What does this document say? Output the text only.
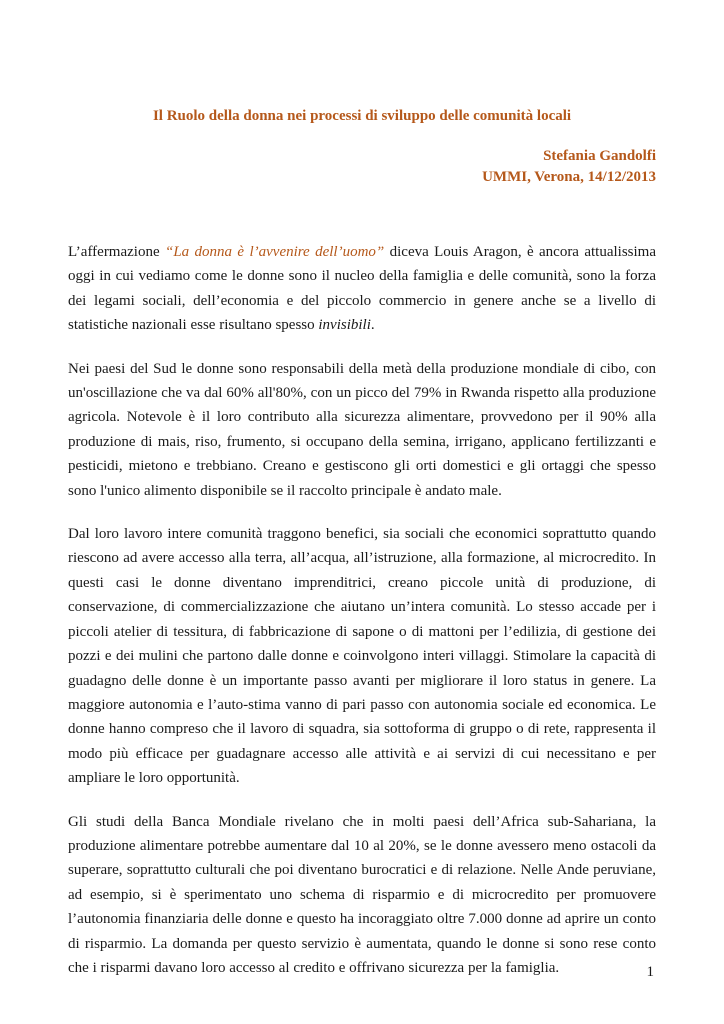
Il Ruolo della donna nei processi di sviluppo delle comunità locali
Stefania Gandolfi
UMMI, Verona, 14/12/2013

L’affermazione “La donna è l’avvenire dell’uomo” diceva Louis Aragon, è ancora attualissima oggi in cui vediamo come le donne sono il nucleo della famiglia e delle comunità, sono la forza dei legami sociali, dell’economia e del piccolo commercio in genere anche se a livello di statistiche nazionali esse risultano spesso invisibili.

Nei paesi del Sud le donne sono responsabili della metà della produzione mondiale di cibo, con un'oscillazione che va dal 60% all'80%, con un picco del 79% in Rwanda rispetto alla produzione agricola. Notevole è il loro contributo alla sicurezza alimentare, provvedono per il 90% alla produzione di mais, riso, frumento, si occupano della semina, irrigano, applicano fertilizzanti e pesticidi, mietono e trebbiano. Creano e gestiscono gli orti domestici e gli ortaggi che spesso sono l'unico alimento disponibile se il raccolto principale è andato male.

Dal loro lavoro intere comunità traggono benefici, sia sociali che economici soprattutto quando riescono ad avere accesso alla terra, all’acqua, all’istruzione, alla formazione, al microcredito. In questi casi le donne diventano imprenditrici, creano piccole unità di produzione, di conservazione, di commercializzazione che aiutano un’intera comunità. Lo stesso accade per i piccoli atelier di tessitura, di fabbricazione di sapone o di mattoni per l’edilizia, di gestione dei pozzi e dei mulini che partono dalle donne e coinvolgono interi villaggi. Stimolare la capacità di guadagno delle donne è un importante passo avanti per migliorare il loro status in genere. La maggiore autonomia e l’auto-stima vanno di pari passo con autonomia sociale ed economica. Le donne hanno compreso che il lavoro di squadra, sia sottoforma di gruppo o di rete, rappresenta il modo più efficace per guadagnare accesso alle attività e ai servizi di cui necessitano e per ampliare le loro opportunità.

Gli studi della Banca Mondiale rivelano che in molti paesi dell’Africa sub-Sahariana, la produzione alimentare potrebbe aumentare dal 10 al 20%, se le donne avessero meno ostacoli da superare, soprattutto culturali che poi diventano burocratici e di relazione. Nelle Ande peruviane, ad esempio, si è sperimentato uno schema di risparmio e di microcredito per promuovere l’autonomia finanziaria delle donne e questo ha incoraggiato oltre 7.000 donne ad aprire un conto di risparmio. La domanda per questo servizio è aumentata, quando le donne si sono rese conto che i risparmi davano loro accesso al credito e offrivano sicurezza per la famiglia.	1
